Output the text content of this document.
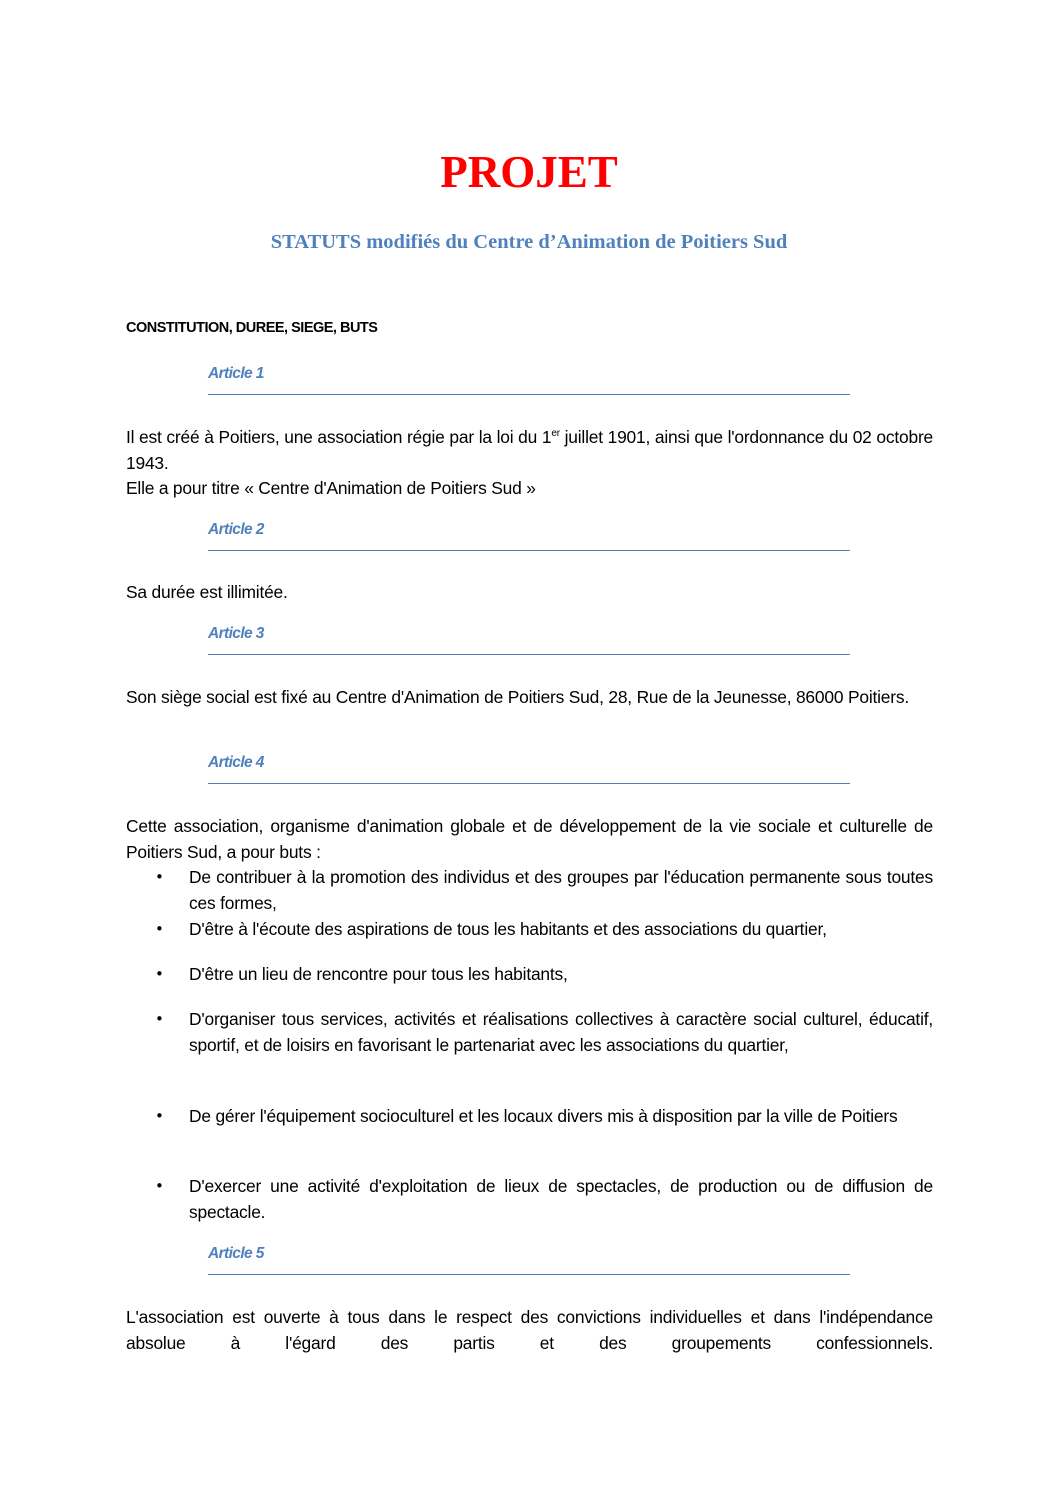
PROJET
STATUTS modifiés du Centre d’Animation de Poitiers Sud
CONSTITUTION, DUREE, SIEGE, BUTS
Article 1

Il est créé à Poitiers, une association régie par la loi du 1er juillet 1901, ainsi que l'ordonnance du 02 octobre 1943.

Elle a pour titre « Centre d'Animation de Poitiers Sud »

Article 2

Sa durée est illimitée.

Article 3

Son siège social est fixé au Centre d'Animation de Poitiers Sud, 28, Rue de la Jeunesse, 86000 Poitiers.

Article 4

Cette association, organisme d'animation globale et de développement de la vie sociale et culturelle de Poitiers Sud, a pour buts :

• De contribuer à la promotion des individus et des groupes par l'éducation permanente sous toutes ces formes,
• D'être à l'écoute des aspirations de tous les habitants et des associations du quartier,
• D'être un lieu de rencontre pour tous les habitants,
• D'organiser tous services, activités et réalisations collectives à caractère social culturel, éducatif, sportif, et de loisirs en favorisant le partenariat avec les associations du quartier,
• De gérer l'équipement socioculturel et les locaux divers mis à disposition par la ville de Poitiers
• D'exercer une activité d'exploitation de lieux de spectacles, de production ou de diffusion de spectacle.
Article 5

L'association est ouverte à tous dans le respect des convictions individuelles et dans l'indépendance absolue à l'égard des partis et des groupements confessionnels.
